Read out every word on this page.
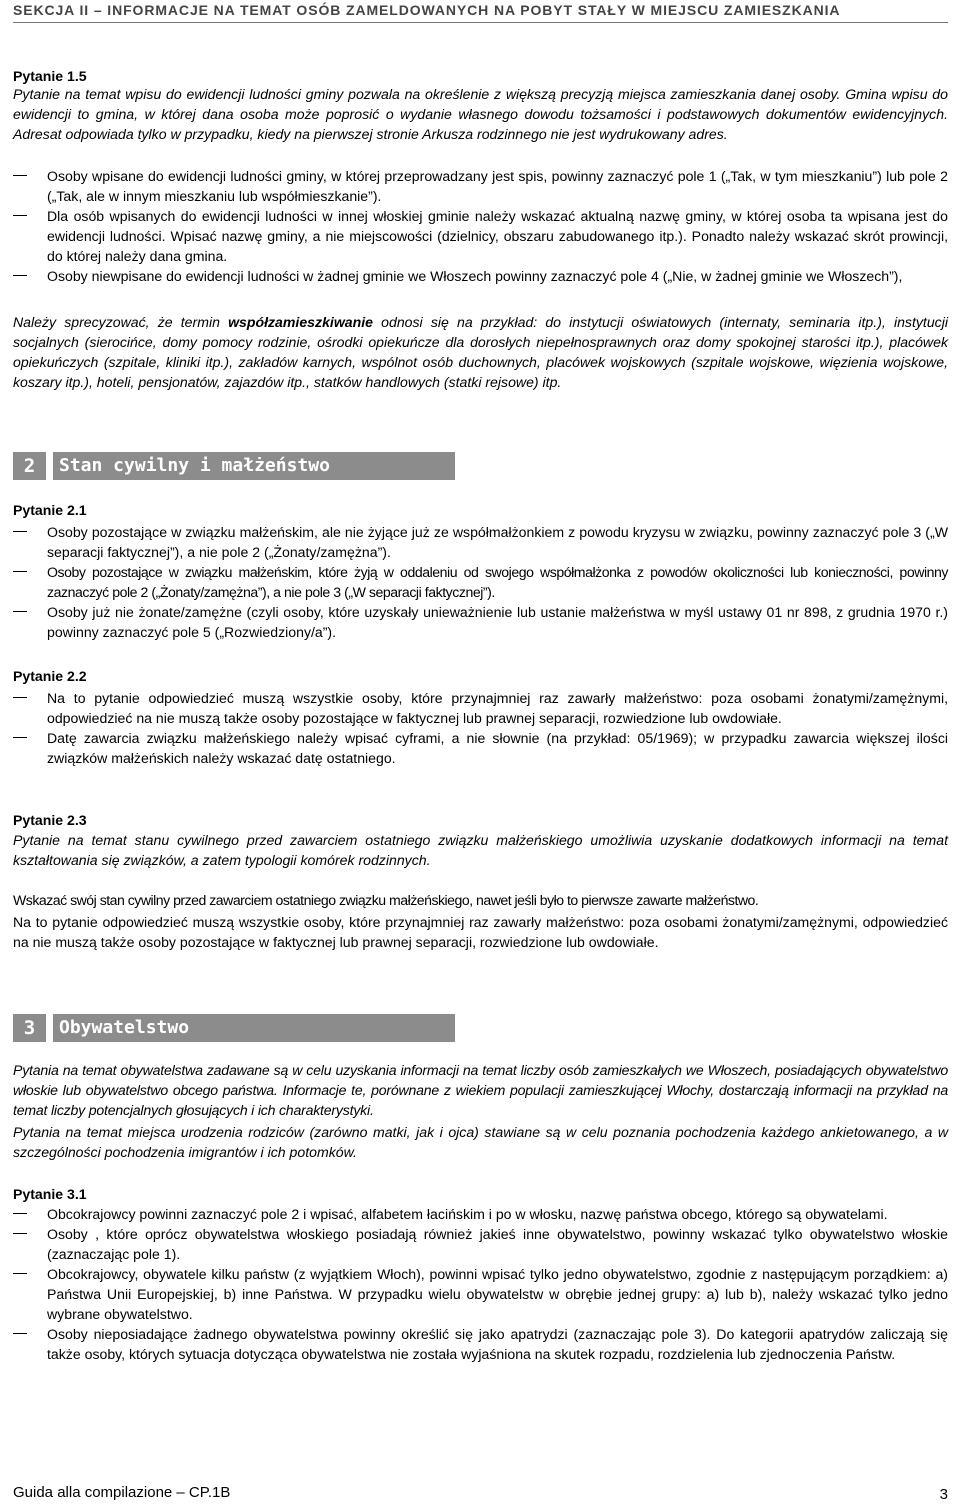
SEKCJA II – INFORMACJE NA TEMAT OSÓB ZAMELDOWANYCH NA POBYT STAŁY W MIEJSCU ZAMIESZKANIA
Pytanie 1.5
Pytanie na temat wpisu do ewidencji ludności gminy pozwala na określenie z większą precyzją miejsca zamieszkania danej osoby. Gmina wpisu do ewidencji to gmina, w której dana osoba może poprosić o wydanie własnego dowodu tożsamości i podstawowych dokumentów ewidencyjnych. Adresat odpowiada tylko w przypadku, kiedy na pierwszej stronie Arkusza rodzinnego nie jest wydrukowany adres.
Osoby wpisane do ewidencji ludności gminy, w której przeprowadzany jest spis, powinny zaznaczyć pole 1 („Tak, w tym mieszkaniu”) lub pole 2 („Tak, ale w innym mieszkaniu lub współmieszkanie”).
Dla osób wpisanych do ewidencji ludności w innej włoskiej gminie należy wskazać aktualną nazwę gminy, w której osoba ta wpisana jest do ewidencji ludności. Wpisać nazwę gminy, a nie miejscowości (dzielnicy, obszaru zabudowanego itp.). Ponadto należy wskazać skrót prowincji, do której należy dana gmina.
Osoby niewpisane do ewidencji ludności w żadnej gminie we Włoszech powinny zaznaczyć pole 4 („Nie, w żadnej gminie we Włoszech”),
Należy sprecyzować, że termin współzamieszkiwanie odnosi się na przykład: do instytucji oświatowych (internaty, seminaria itp.), instytucji socjalnych (sierocińce, domy pomocy rodzinie, ośrodki opiekuńcze dla dorosłych niepełnosprawnych oraz domy spokojnej starości itp.), placówek opiekuńczych (szpitale, kliniki itp.), zakładów karnych, wspólnot osób duchownych, placówek wojskowych (szpitale wojskowe, więzienia wojskowe, koszary itp.), hotelі, pensjonatów, zajazdów itp., statków handlowych (statki rejsowe) itp.
2	Stan cywilny i małżeństwo
Pytanie 2.1
Osoby pozostające w związku małżeńskim, ale nie żyjące już ze współmałżonkiem z powodu kryzysu w związku, powinny zaznaczyć pole 3 („W separacji faktycznej”), a nie pole 2 („Żonaty/zamężna”).
Osoby pozostające w związku małżeńskim, które żyją w oddaleniu od swojego współmałżonka z powodów okoliczności lub konieczności, powinny zaznaczyć pole 2 („Żonaty/zamężna”), a nie pole 3 („W separacji faktycznej”).
Osoby już nie żonate/zamężne (czyli osoby, które uzyskały unieważnienie lub ustanie małżeństwa w myśl ustawy 01 nr 898, z grudnia 1970 r.) powinny zaznaczyć pole 5 („Rozwiedziony/a”).
Pytanie 2.2
Na to pytanie odpowiedzieć muszą wszystkie osoby, które przynajmniej raz zawarły małżeństwo: poza osobami żonatymi/zamężnymi, odpowiedzieć na nie muszą także osoby pozostające w faktycznej lub prawnej separacji, rozwiedzione lub owdowiałe.
Datę zawarcia związku małżeńskiego należy wpisać cyframi, a nie słownie (na przykład: 05/1969); w przypadku zawarcia większej ilości związków małżeńskich należy wskazać datę ostatniego.
Pytanie 2.3
Pytanie na temat stanu cywilnego przed zawarciem ostatniego związku małżeńskiego umożliwia uzyskanie dodatkowych informacji na temat kształtowania się związków, a zatem typologii komórek rodzinnych.
Wskazać swój stan cywilny przed zawarciem ostatniego związku małżeńskiego, nawet jeśli było to pierwsze zawarte małżeństwo.
Na to pytanie odpowiedzieć muszą wszystkie osoby, które przynajmniej raz zawarły małżeństwo: poza osobami żonatymi/zamężnymi, odpowiedzieć na nie muszą także osoby pozostające w faktycznej lub prawnej separacji, rozwiedzione lub owdowiałe.
3	Obywatelstwo
Pytania na temat obywatelstwa zadawane są w celu uzyskania informacji na temat liczby osób zamieszkałych we Włoszech, posiadających obywatelstwo włoskie lub obywatelstwo obcego państwa. Informacje te, porównane z wiekiem populacji zamieszkującej Włochy, dostarczają informacji na przykład na temat liczby potencjalnych głosujących i ich charakterystyki.
Pytania na temat miejsca urodzenia rodziców (zarówno matki, jak i ojca) stawiane są w celu poznania pochodzenia każdego ankietowanego, a w szczególności pochodzenia imigrantów i ich potomków.
Pytanie 3.1
Obcokrajowcy powinni zaznaczyć pole 2 i wpisać, alfabetem łacińskim i po w włosku, nazwę państwa obcego, którego są obywatelami.
Osoby , które oprócz obywatelstwa włoskiego posiadają również jakieś inne obywatelstwo, powinny wskazać tylko obywatelstwo włoskie (zaznaczając pole 1).
Obcokrajowcy, obywatele kilku państw (z wyjątkiem Włoch), powinni wpisać tylko jedno obywatelstwo, zgodnie z następującym porządkiem: a) Państwa Unii Europejskiej, b) inne Państwa. W przypadku wielu obywatelstw w obrębie jednej grupy: a) lub b), należy wskazać tylko jedno wybrane obywatelstwo.
Osoby nieposiadające żadnego obywatelstwa powinny określić się jako apatrydzi (zaznaczając pole 3). Do kategorii apatrydów zaliczają się także osoby, których sytuacja dotycząca obywatelstwa nie została wyjaśniona na skutek rozpadu, rozdzielenia lub zjednoczenia Państw.
Guida alla compilazione – CP.1B	3
